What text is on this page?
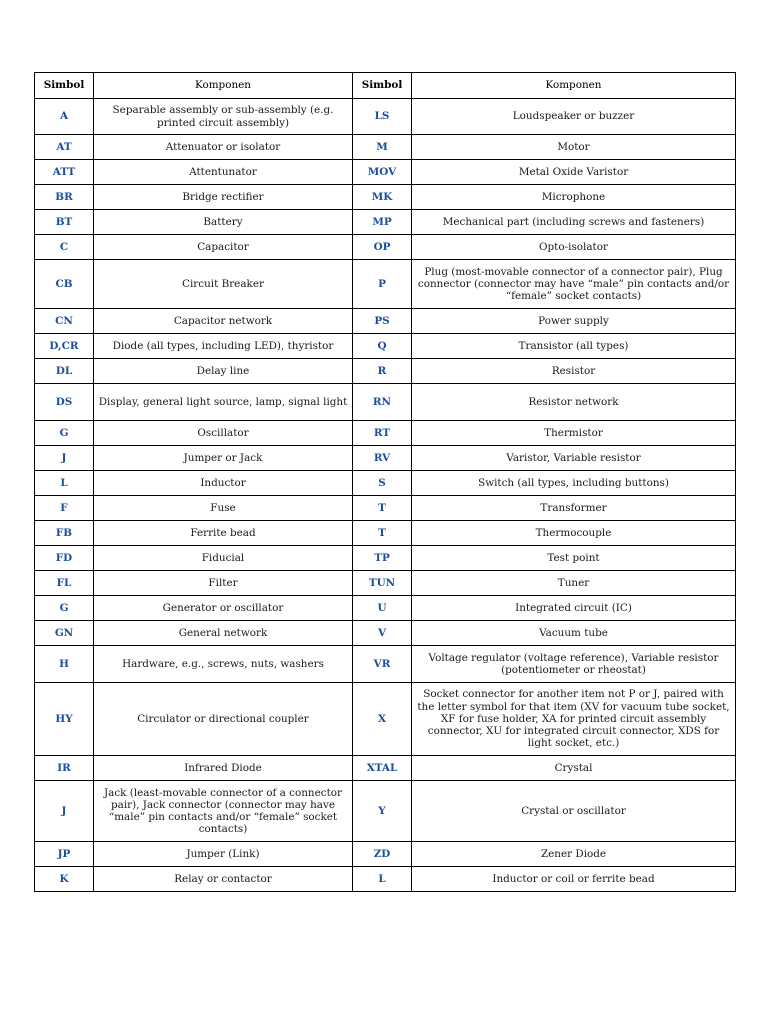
Simbol	Komponen	Simbol	Komponen
A	Separable assembly or sub-assembly (e.g. printed circuit assembly)	LS	Loudspeaker or buzzer
AT	Attenuator or isolator	M	Motor
ATT	Attentunator	MOV	Metal Oxide Varistor
BR	Bridge rectifier	MK	Microphone
BT	Battery	MP	Mechanical part (including screws and fasteners)
C	Capacitor	OP	Opto-isolator
CB	Circuit Breaker	P	Plug (most-movable connector of a connector pair), Plug connector (connector may have “male” pin contacts and/or “female” socket contacts)
CN	Capacitor network	PS	Power supply
D,CR	Diode (all types, including LED), thyristor	Q	Transistor (all types)
DL	Delay line	R	Resistor
DS	Display, general light source, lamp, signal light	RN	Resistor network
G	Oscillator	RT	Thermistor
J	Jumper or Jack	RV	Varistor, Variable resistor
L	Inductor	S	Switch (all types, including buttons)
F	Fuse	T	Transformer
FB	Ferrite bead	T	Thermocouple
FD	Fiducial	TP	Test point
FL	Filter	TUN	Tuner
G	Generator or oscillator	U	Integrated circuit (IC)
GN	General network	V	Vacuum tube
H	Hardware, e.g., screws, nuts, washers	VR	Voltage regulator (voltage reference), Variable resistor (potentiometer or rheostat)
HY	Circulator or directional coupler	X	Socket connector for another item not P or J, paired with the letter symbol for that item (XV for vacuum tube socket, XF for fuse holder, XA for printed circuit assembly connector, XU for integrated circuit connector, XDS for light socket, etc.)
IR	Infrared Diode	XTAL	Crystal
J	Jack (least-movable connector of a connector pair), Jack connector (connector may have “male” pin contacts and/or “female” socket contacts)	Y	Crystal or oscillator
JP	Jumper (Link)	ZD	Zener Diode
K	Relay or contactor	L	Inductor or coil or ferrite bead
